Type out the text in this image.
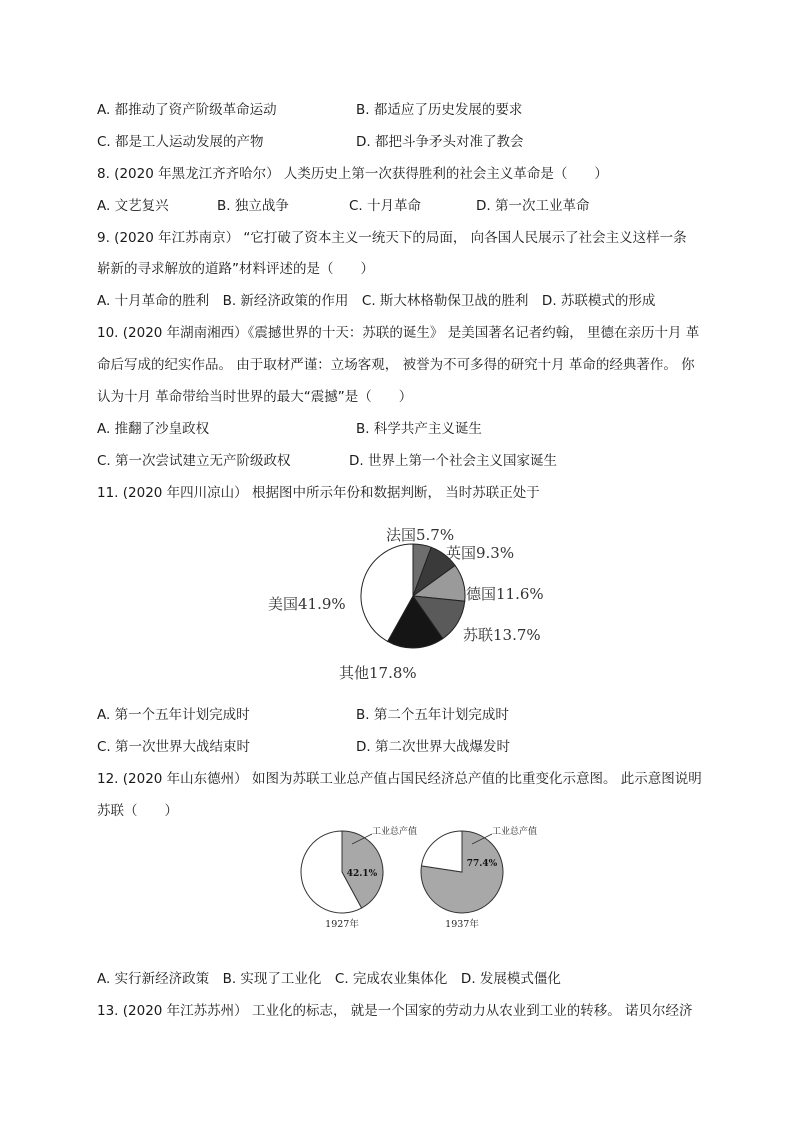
A. 都推动了资产阶级革命运动	B. 都适应了历史发展的要求
C. 都是工人运动发展的产物	D. 都把斗争矛头对准了教会
8. (2020 年黑龙江齐齐哈尔） 人类历史上第一次获得胜利的社会主义革命是（　　）
A. 文艺复兴	B. 独立战争	C. 十月革命	D. 第一次工业革命
9. (2020 年江苏南京） “它打破了资本主义一统天下的局面， 向各国人民展示了社会主义这样一条
崭新的寻求解放的道路”材料评述的是（　　）
A. 十月革命的胜利　B. 新经济政策的作用　C. 斯大林格勒保卫战的胜利　D. 苏联模式的形成
10. (2020 年湖南湘西）《震撼世界的十天：苏联的诞生》 是美国著名记者约翰， 里德在亲历十月 革
命后写成的纪实作品。 由于取材严谨：立场客观， 被誉为不可多得的研究十月 革命的经典著作。 你
认为十月 革命带给当时世界的最大“震撼”是（　　）
A. 推翻了沙皇政权	B. 科学共产主义诞生
C. 第一次尝试建立无产阶级政权	D. 世界上第一个社会主义国家诞生
11. (2020 年四川凉山） 根据图中所示年份和数据判断， 当时苏联正处于
美国41.9%
法国5.7%
英国9.3%
德国11.6%
苏联13.7%
其他17.8%
A. 第一个五年计划完成时	B. 第二个五年计划完成时
C. 第一次世界大战结束时	D. 第二次世界大战爆发时
12. (2020 年山东德州） 如图为苏联工业总产值占国民经济总产值的比重变化示意图。 此示意图说明
苏联（　　）
42.1%
工业总产值
1927年
77.4%
工业总产值
1937年
A. 实行新经济政策　B. 实现了工业化　C. 完成农业集体化　D. 发展模式僵化
13. (2020 年江苏苏州） 工业化的标志， 就是一个国家的劳动力从农业到工业的转移。 诺贝尔经济
